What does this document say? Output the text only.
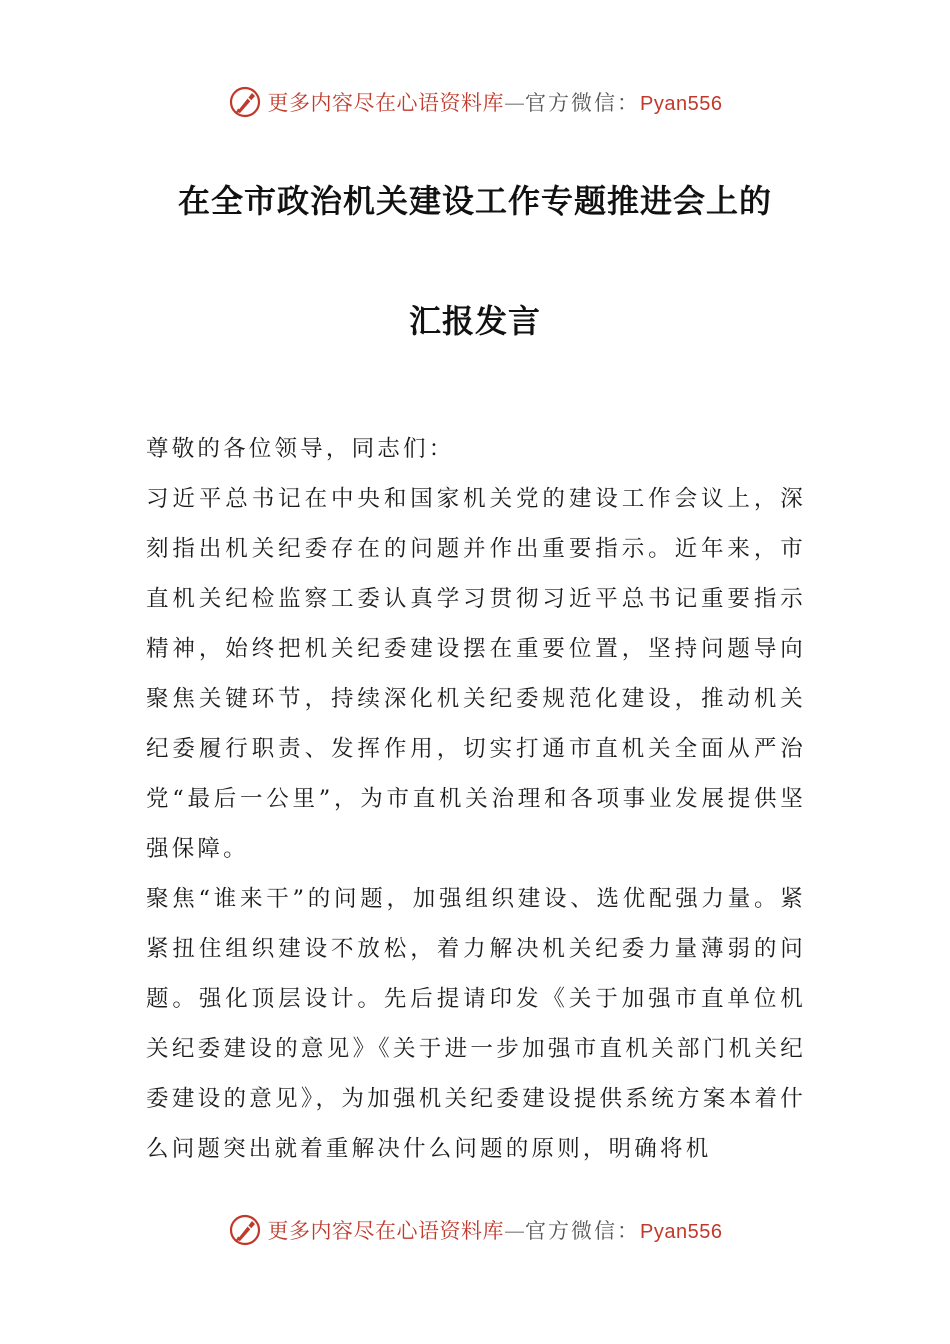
更多内容尽在心语资料库 — 官方微信： Pyan556
在全市政治机关建设工作专题推进会上的
汇报发言

尊敬的各位领导，同志们：

习近平总书记在中央和国家机关党的建设工作会议上，深刻指出机关纪委存在的问题并作出重要指示。近年来，市直机关纪检监察工委认真学习贯彻习近平总书记重要指示精神，始终把机关纪委建设摆在重要位置，坚持问题导向聚焦关键环节，持续深化机关纪委规范化建设，推动机关纪委履行职责、发挥作用，切实打通市直机关全面从严治党“最后一公里”，为市直机关治理和各项事业发展提供坚强保障。

聚焦“谁来干”的问题，加强组织建设、选优配强力量。紧紧扭住组织建设不放松，着力解决机关纪委力量薄弱的问题。强化顶层设计。先后提请印发《关于加强市直单位机关纪委建设的意见》《关于进一步加强市直机关部门机关纪委建设的意见》，为加强机关纪委建设提供系统方案本着什么问题突出就着重解决什么问题的原则，明确将机

更多内容尽在心语资料库 — 官方微信： Pyan556
